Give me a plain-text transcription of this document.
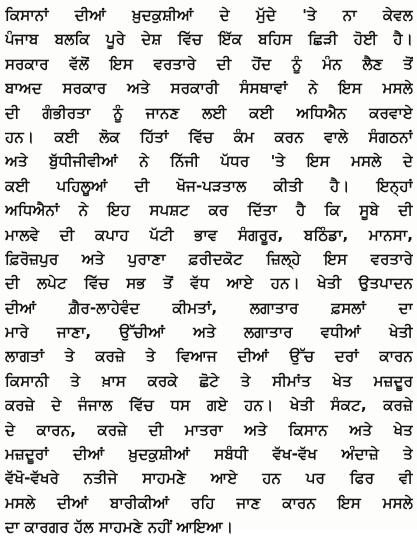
ਕਿਸਾਨਾਂ ਦੀਆਂ ਖ਼ੁਦਕੁਸ਼ੀਆਂ ਦੇ ਮੁੱਦੇ 'ਤੇ ਨਾ ਕੇਵਲ
ਪੰਜਾਬ ਬਲਕਿ ਪੂਰੇ ਦੇਸ਼ ਵਿੱਚ ਇੱਕ ਬਹਿਸ ਛਿੜੀ ਹੋਈ ਹੈ।
ਸਰਕਾਰ ਵੱਲੋਂ ਇਸ ਵਰਤਾਰੇ ਦੀ ਹੋਂਦ ਨੂੰ ਮੰਨ ਲੈਣ ਤੋਂ
ਬਾਅਦ ਸਰਕਾਰ ਅਤੇ ਸਰਕਾਰੀ ਸੰਸਥਾਵਾਂ ਨੇ ਇਸ ਮਸਲੇ
ਦੀ ਗੰਭੀਰਤਾ ਨੂੰ ਜਾਨਣ ਲਈ ਕਈ ਅਧਿਐਨ ਕਰਵਾਏ
ਹਨ। ਕਈ ਲੋਕ ਹਿੱਤਾਂ ਵਿੱਚ ਕੰਮ ਕਰਨ ਵਾਲੇ ਸੰਗਠਨਾਂ
ਅਤੇ ਬੁੱਧੀਜੀਵੀਆਂ ਨੇ ਨਿੱਜੀ ਪੱਧਰ 'ਤੇ ਇਸ ਮਸਲੇ ਦੇ
ਕਈ ਪਹਿਲੂਆਂ ਦੀ ਖੋਜ-ਪੜਤਾਲ ਕੀਤੀ ਹੈ। ਇਨ੍ਹਾਂ
ਅਧਿਐਨਾਂ ਨੇ ਇਹ ਸਪਸ਼ਟ ਕਰ ਦਿੱਤਾ ਹੈ ਕਿ ਸੂਬੇ ਦੀ
ਮਾਲਵੇ ਦੀ ਕਪਾਹ ਪੱਟੀ ਭਾਵ ਸੰਗਰੂਰ, ਬਠਿੰਡਾ, ਮਾਨਸਾ,
ਫ਼ਿਰੋਜ਼ਪੁਰ ਅਤੇ ਪੁਰਾਣਾ ਫ਼ਰੀਦਕੋਟ ਜ਼ਿਲ੍ਹੇ ਇਸ ਵਰਤਾਰੇ
ਦੀ ਲਪੇਟ ਵਿੱਚ ਸਭ ਤੋਂ ਵੱਧ ਆਏ ਹਨ। ਖੇਤੀ ਉਤਪਾਦਨ
ਦੀਆਂ ਗ਼ੈਰ-ਲਾਹੇਵੰਦ ਕੀਮਤਾਂ, ਲਗਾਤਾਰ ਫ਼ਸਲਾਂ ਦਾ
ਮਾਰੇ ਜਾਣਾ, ਉੱਚੀਆਂ ਅਤੇ ਲਗਾਤਾਰ ਵਧੀਆਂ ਖੇਤੀ
ਲਾਗਤਾਂ ਤੇ ਕਰਜ਼ੇ ਤੇ ਵਿਆਜ ਦੀਆਂ ਉੱਚ ਦਰਾਂ ਕਾਰਨ
ਕਿਸਾਨੀ ਤੇ ਖ਼ਾਸ ਕਰਕੇ ਛੋਟੇ ਤੇ ਸੀਮਾਂਤ ਖੇਤ ਮਜ਼ਦੂਰ
ਕਰਜ਼ੇ ਦੇ ਜੰਜਾਲ ਵਿੱਚ ਧਸ ਗਏ ਹਨ। ਖੇਤੀ ਸੰਕਟ, ਕਰਜ਼ੇ
ਦੇ ਕਾਰਨ, ਕਰਜ਼ੇ ਦੀ ਮਾਤਰਾ ਅਤੇ ਕਿਸਾਨ ਅਤੇ ਖੇਤ
ਮਜ਼ਦੂਰਾਂ ਦੀਆਂ ਖ਼ੁਦਕੁਸ਼ੀਆਂ ਸਬੰਧੀ ਵੱਖ-ਵੱਖ ਅੰਦਾਜ਼ੇ ਤੇ
ਵੱਖੋ-ਵੱਖਰੇ ਨਤੀਜੇ ਸਾਹਮਣੇ ਆਏ ਹਨ ਪਰ ਫਿਰ ਵੀ
ਮਸਲੇ ਦੀਆਂ ਬਾਰੀਕੀਆਂ ਰਹਿ ਜਾਣ ਕਾਰਨ ਇਸ ਮਸਲੇ
ਦਾ ਕਾਰਗਰ ਹੱਲ ਸਾਹਮਣੇ ਨਹੀਂ ਆਇਆ।
